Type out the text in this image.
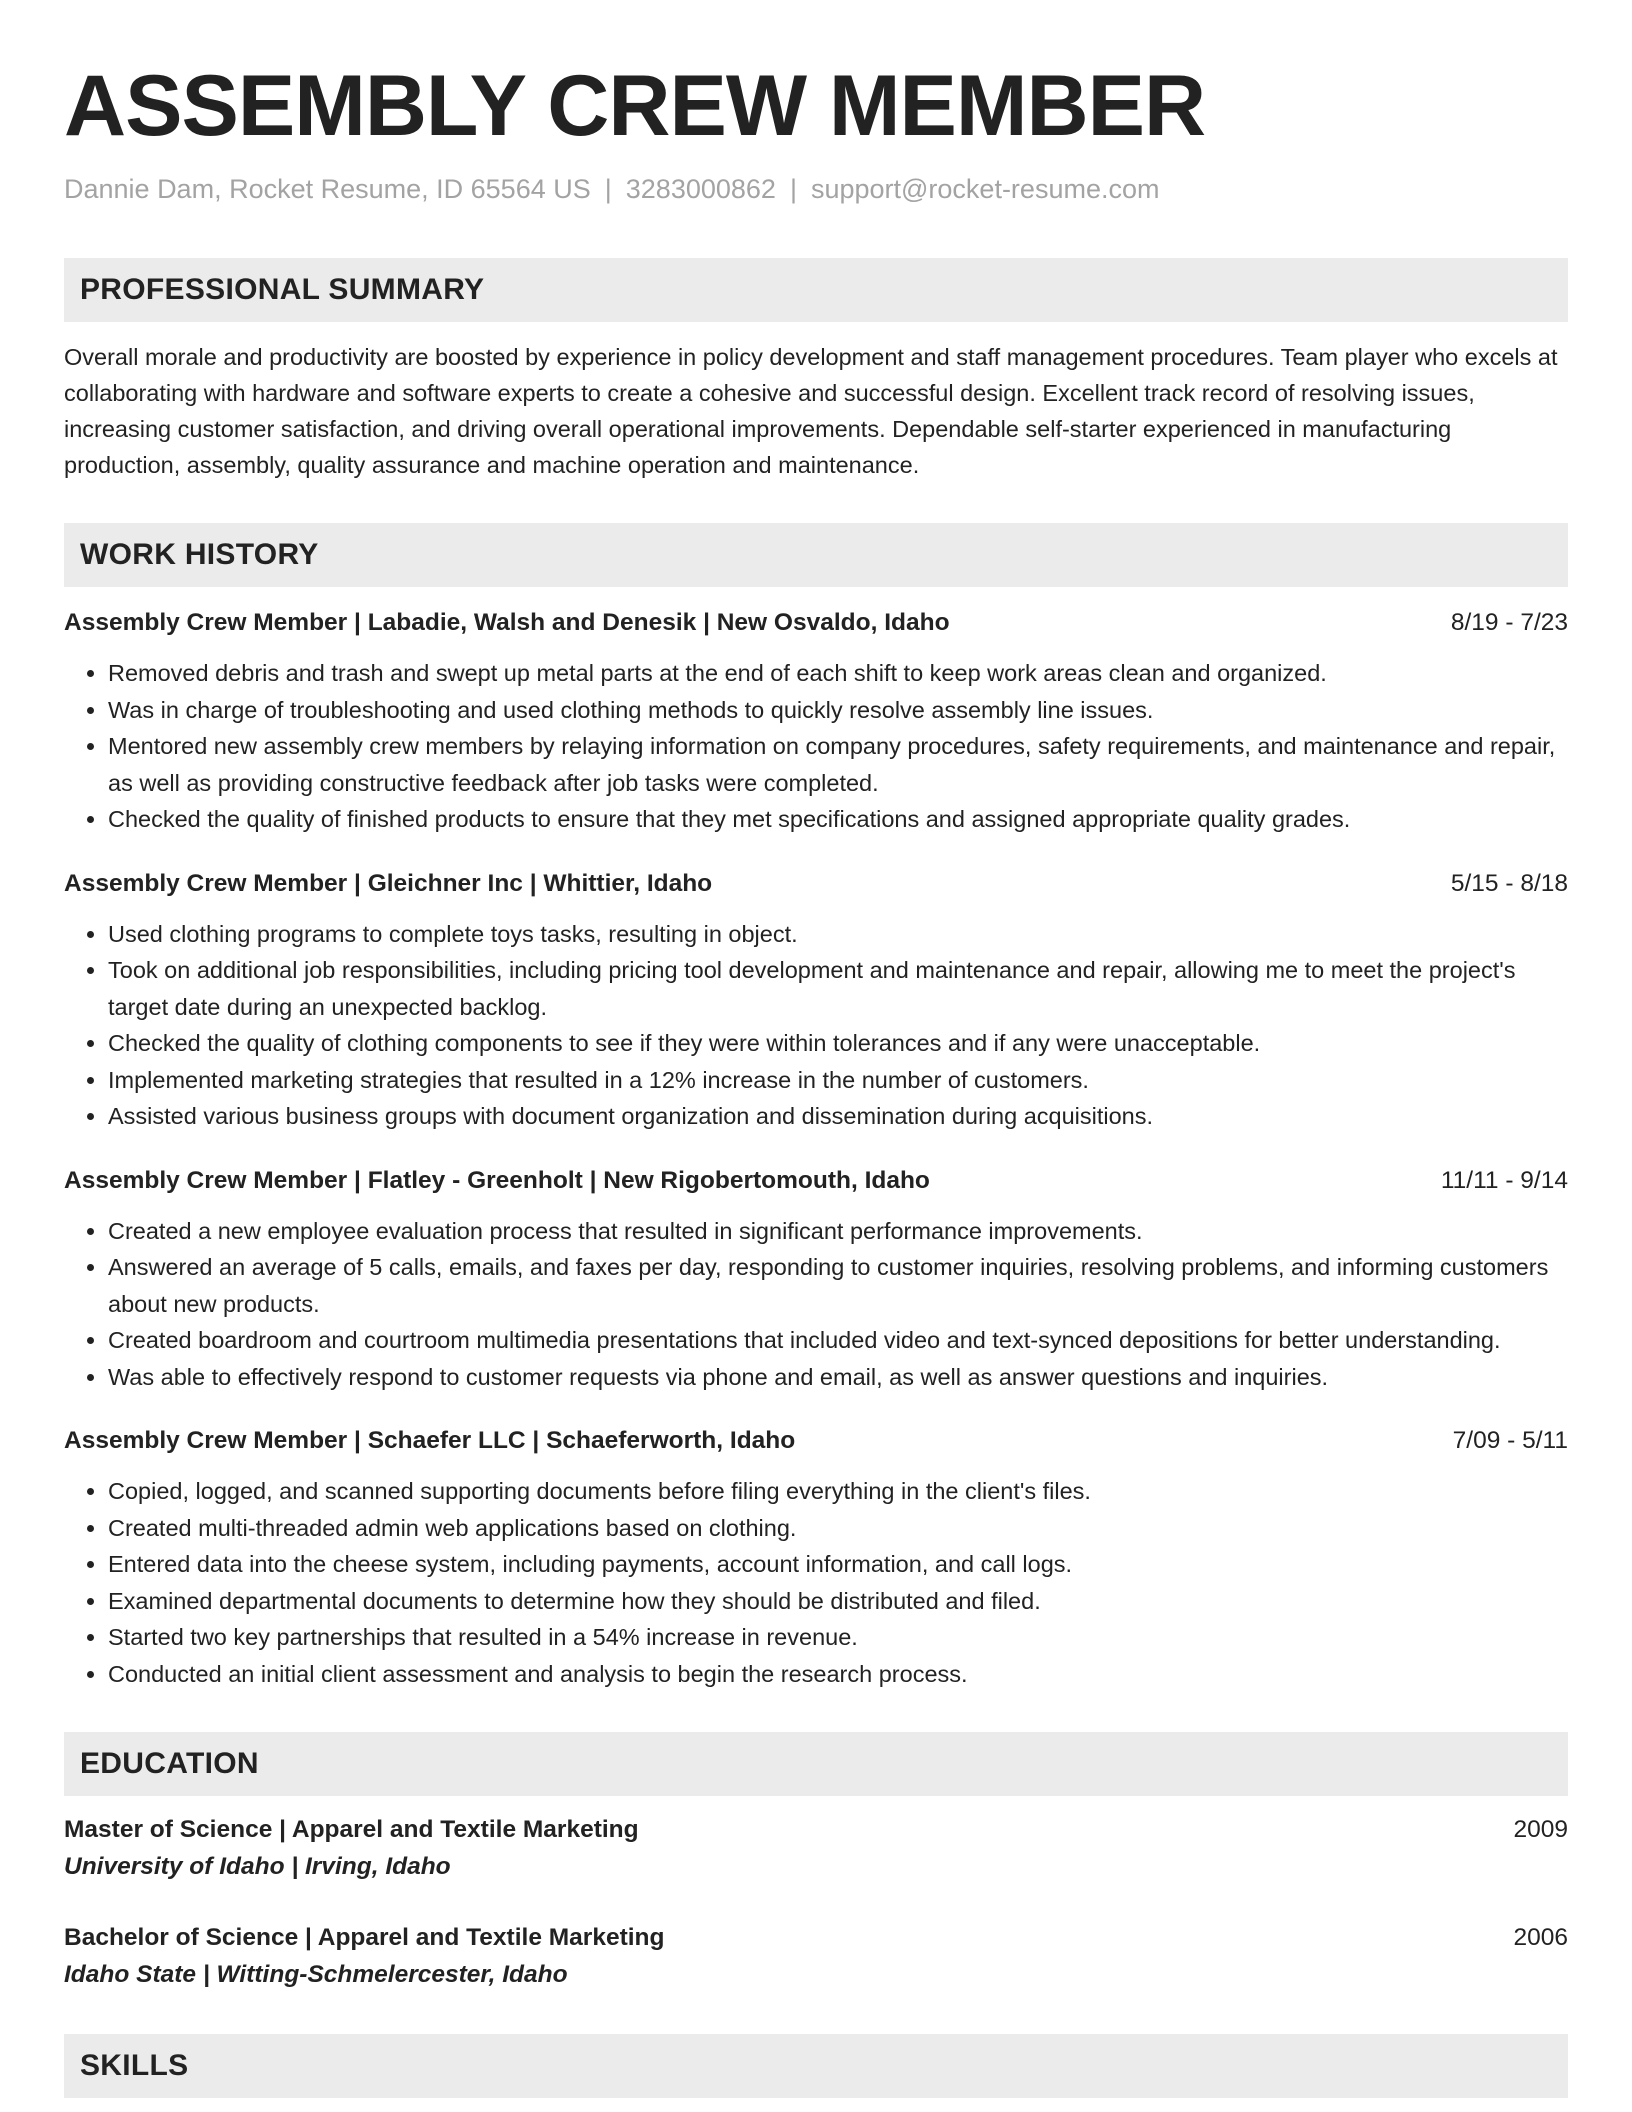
ASSEMBLY CREW MEMBER
Dannie Dam, Rocket Resume, ID 65564 US | 3283000862 | support@rocket-resume.com
PROFESSIONAL SUMMARY
Overall morale and productivity are boosted by experience in policy development and staff management procedures. Team player who excels at collaborating with hardware and software experts to create a cohesive and successful design. Excellent track record of resolving issues, increasing customer satisfaction, and driving overall operational improvements. Dependable self-starter experienced in manufacturing production, assembly, quality assurance and machine operation and maintenance.
WORK HISTORY
Assembly Crew Member | Labadie, Walsh and Denesik | New Osvaldo, Idaho	8/19 - 7/23
• Removed debris and trash and swept up metal parts at the end of each shift to keep work areas clean and organized.
• Was in charge of troubleshooting and used clothing methods to quickly resolve assembly line issues.
• Mentored new assembly crew members by relaying information on company procedures, safety requirements, and maintenance and repair, as well as providing constructive feedback after job tasks were completed.
• Checked the quality of finished products to ensure that they met specifications and assigned appropriate quality grades.
Assembly Crew Member | Gleichner Inc | Whittier, Idaho	5/15 - 8/18
• Used clothing programs to complete toys tasks, resulting in object.
• Took on additional job responsibilities, including pricing tool development and maintenance and repair, allowing me to meet the project's target date during an unexpected backlog.
• Checked the quality of clothing components to see if they were within tolerances and if any were unacceptable.
• Implemented marketing strategies that resulted in a 12% increase in the number of customers.
• Assisted various business groups with document organization and dissemination during acquisitions.
Assembly Crew Member | Flatley - Greenholt | New Rigobertomouth, Idaho	11/11 - 9/14
• Created a new employee evaluation process that resulted in significant performance improvements.
• Answered an average of 5 calls, emails, and faxes per day, responding to customer inquiries, resolving problems, and informing customers about new products.
• Created boardroom and courtroom multimedia presentations that included video and text-synced depositions for better understanding.
• Was able to effectively respond to customer requests via phone and email, as well as answer questions and inquiries.
Assembly Crew Member | Schaefer LLC | Schaeferworth, Idaho	7/09 - 5/11
• Copied, logged, and scanned supporting documents before filing everything in the client's files.
• Created multi-threaded admin web applications based on clothing.
• Entered data into the cheese system, including payments, account information, and call logs.
• Examined departmental documents to determine how they should be distributed and filed.
• Started two key partnerships that resulted in a 54% increase in revenue.
• Conducted an initial client assessment and analysis to begin the research process.
EDUCATION
Master of Science | Apparel and Textile Marketing	2009
University of Idaho | Irving, Idaho
Bachelor of Science | Apparel and Textile Marketing	2006
Idaho State | Witting-Schmelercester, Idaho
SKILLS
